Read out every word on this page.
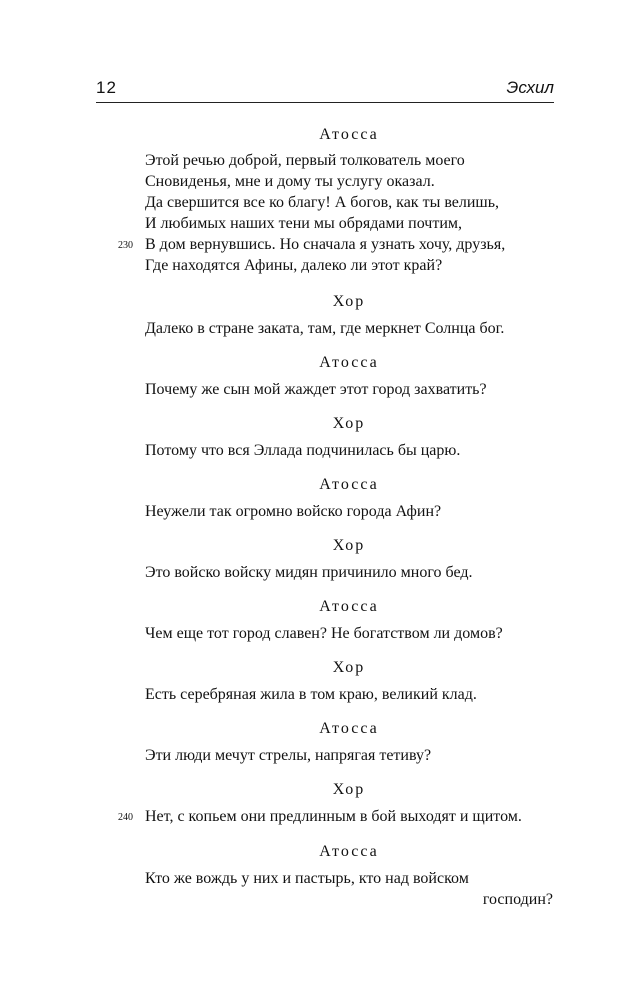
12	Эсхил
Атосса
Этой речью доброй, первый толкователь моего
Сновиденья, мне и дому ты услугу оказал.
Да свершится все ко благу! А богов, как ты велишь,
И любимых наших тени мы обрядами почтим,
230 В дом вернувшись. Но сначала я узнать хочу, друзья,
Где находятся Афины, далеко ли этот край?
Хор
Далеко в стране заката, там, где меркнет Солнца бог.
Атосса
Почему же сын мой жаждет этот город захватить?
Хор
Потому что вся Эллада подчинилась бы царю.
Атосса
Неужели так огромно войско города Афин?
Хор
Это войско войску мидян причинило много бед.
Атосса
Чем еще тот город славен? Не богатством ли домов?
Хор
Есть серебряная жила в том краю, великий клад.
Атосса
Эти люди мечут стрелы, напрягая тетиву?
Хор
240 Нет, с копьем они предлинным в бой выходят и щитом.
Атосса
Кто же вождь у них и пастырь, кто над войском
господин?
